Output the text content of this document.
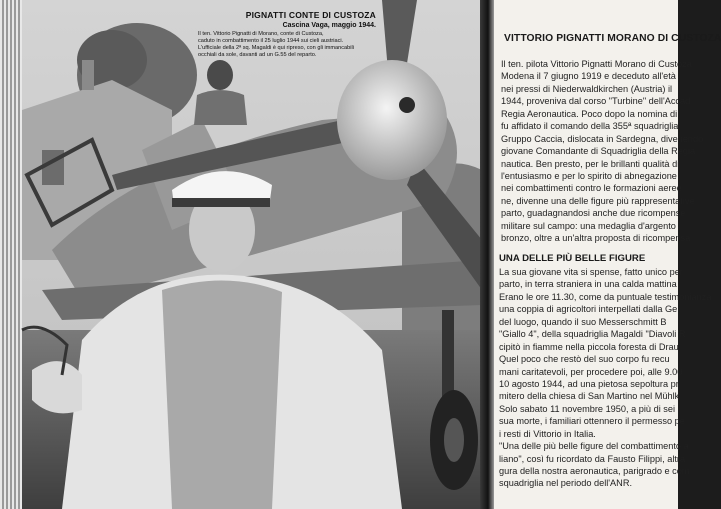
PIGNATTI CONTE DI CUSTOZA
Cascina Vaga, maggio 1944.
Il ten. Vittorio Pignatti di Morano, conte di Custoza,
caduto in combattimento il 25 luglio 1944 sui cieli austriaci.
L'ufficiale della 2ª sq. Magaldi è qui ripreso, con gli immancabili
occhiali da sole, davanti ad un G.55 del reparto.
VITTORIO PIGNATTI MORANO DI CUSTOZA
Il ten. pilota Vittorio Pignatti Morano di Custoza
Modena il 7 giugno 1919 e deceduto all'età
nei pressi di Niederwaldkirchen (Austria) il
1944, proveniva dal corso "Turbine" dell'Accad
Regia Aeronautica. Poco dopo la nomina di
fu affidato il comando della 355ª squadriglia
Gruppo Caccia, dislocata in Sardegna, divenendo
giovane Comandante di Squadriglia della Regia
nautica. Ben presto, per le brillanti qualità di
l'entusiasmo e per lo spirito di abnegazione
nei combattimenti contro le formazioni aeree
ne, divenne una delle figure più rappresentative
parto, guadagnandosi anche due ricompense
militare sul campo: una medaglia d'argento
bronzo, oltre a un'altra proposta di ricompensa
UNA DELLE PIÙ BELLE FIGURE
La sua giovane vita si spense, fatto unico per
parto, in terra straniera in una calda mattina
Erano le ore 11.30, come da puntuale testimonianza
una coppia di agricoltori interpellati dalla Ge
del luogo, quando il suo Messerschmitt B
"Giallo 4", della squadriglia Magaldi "Diavoli R
cipitò in fiamme nella piccola foresta di Drau
Quel poco che restò del suo corpo fu recu
mani caritatevoli, per procedere poi, alle 9.00
10 agosto 1944, ad una pietosa sepoltura pr
mitero della chiesa di San Martino nel Mühlk
Solo sabato 11 novembre 1950, a più di sei
sua morte, i familiari ottennero il permesso pe
i resti di Vittorio in Italia.
"Una delle più belle figure del combattimento a
liano", così fu ricordato da Fausto Filippi, altra
gura della nostra aeronautica, parigrado e com
squadriglia nel periodo dell'ANR.
